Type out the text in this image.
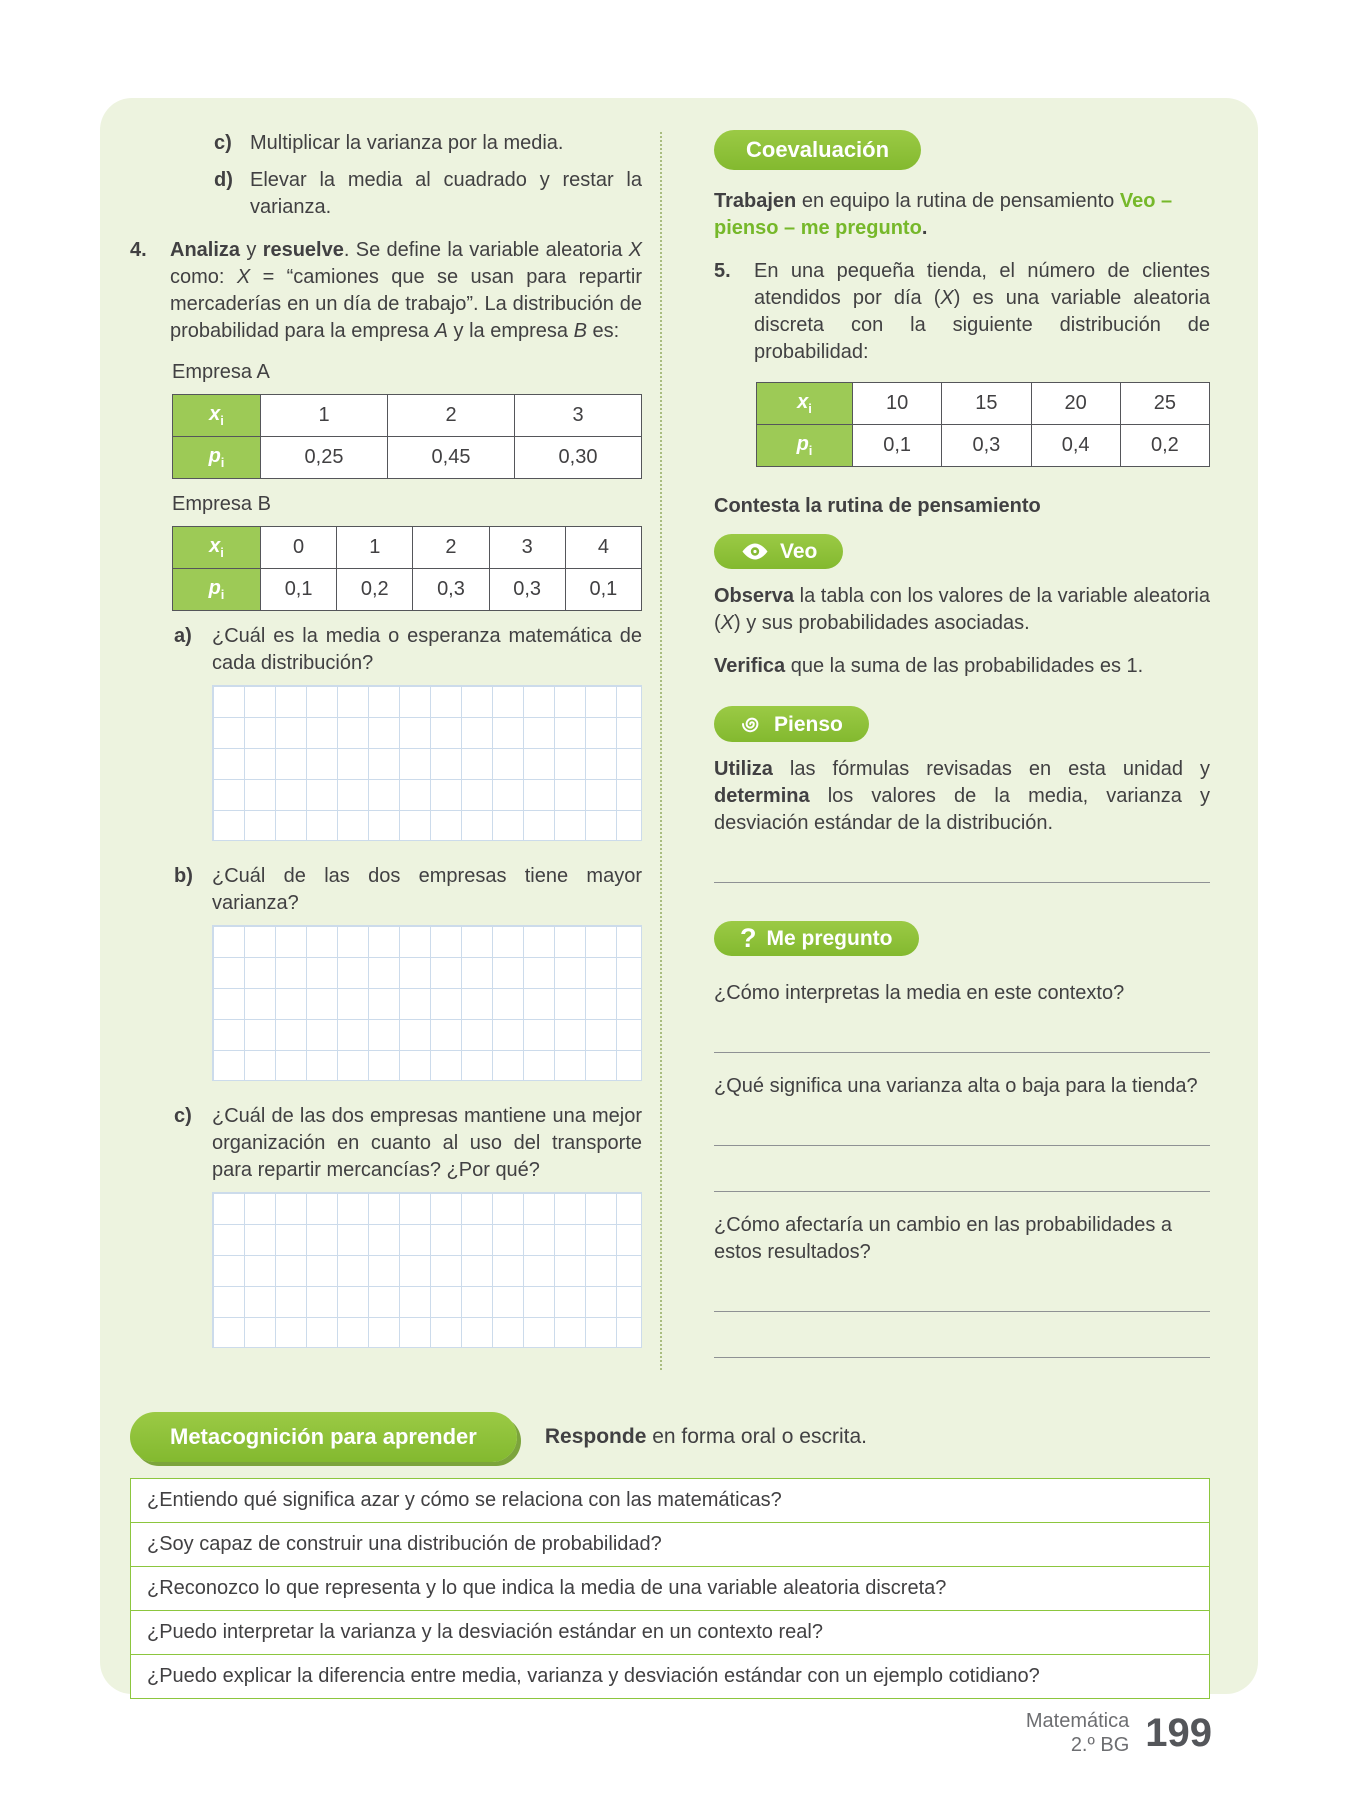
c) Multiplicar la varianza por la media.
d) Elevar la media al cuadrado y restar la varianza.
4.	Analiza y resuelve. Se define la variable aleatoria X como: X = “camiones que se usan para repartir mercaderías en un día de trabajo”. La distribución de probabilidad para la empresa A y la empresa B es:

Empresa A
$x_i$	1	2	3
$p_i$	0,25	0,45	0,30
Empresa B
$x_i$	0	1	2	3	4
$p_i$	0,1	0,2	0,3	0,3	0,1
a)	¿Cuál es la media o esperanza matemática de cada distribución?
b) ¿Cuál de las dos empresas tiene mayor varianza?
c)	¿Cuál de las dos empresas mantiene una mejor organización en cuanto al uso del transporte para repartir mercancías? ¿Por qué?
Coevaluación

Trabajen en equipo la rutina de pensamiento Veo – pienso – me pregunto.

5.	En una pequeña tienda, el número de clientes atendidos por día (X) es una variable aleatoria discreta con la siguiente distribución de probabilidad:

$x_i$	10	15	20	25
$p_i$	0,1	0,3	0,4	0,2
Contesta la rutina de pensamiento
Veo

Observa la tabla con los valores de la variable aleatoria (X) y sus probabilidades asociadas.

Verifica que la suma de las probabilidades es 1.

Pienso

Utiliza las fórmulas revisadas en esta unidad y determina los valores de la media, varianza y desviación estándar de la distribución.

? Me pregunto

¿Cómo interpretas la media en este contexto?

¿Qué significa una varianza alta o baja para la tienda?

¿Cómo afectaría un cambio en las probabilidades a estos resultados?

Metacognición para aprender	Responde en forma oral o escrita.
¿Entiendo qué significa azar y cómo se relaciona con las matemáticas?
¿Soy capaz de construir una distribución de probabilidad?
¿Reconozco lo que representa y lo que indica la media de una variable aleatoria discreta?
¿Puedo interpretar la varianza y la desviación estándar en un contexto real?
¿Puedo explicar la diferencia entre media, varianza y desviación estándar con un ejemplo cotidiano?
Matemática
2.º BG 199
